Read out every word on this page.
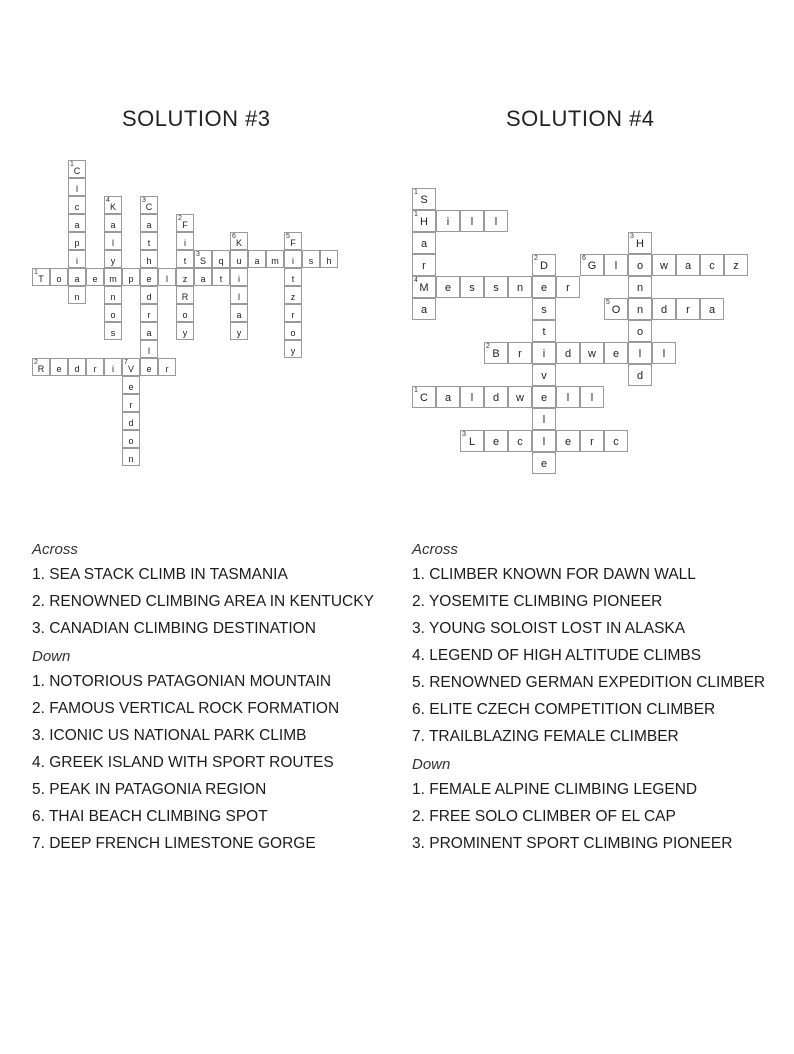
SOLUTION #3	SOLUTION #4
C
1
l
c
a
p
i
a
n
K
4
a
l
y
m
n
o
s
C
3
a
t
h
e
d
r
a
l
F
2
i
t
z
R
o
y
S
3
q	u	a	m	i	s	h
K
6
i
l
a
y
F
5
t
z
r
o
y
T
1
o	e	p	l	a	t
R
2
e	d	r	i	V
7
e	r
e
r
d
o
n
S
1
H
1
i	l	l
a
r
M
4
a
e	s	s	n	e	r
D
2
s
t
i
v
e
l
l
e
H
3
G
6
l	o	w	a	c	z
n
O
5
n	d	r	a
o
B
2
r	d	w	e	l	l
d
C
1
a	l	d	w	l	l
L
3
e	c	e	r	c
Across
1. SEA STACK CLIMB IN TASMANIA
2. RENOWNED CLIMBING AREA IN KENTUCKY
3. CANADIAN CLIMBING DESTINATION
Down
1. NOTORIOUS PATAGONIAN MOUNTAIN
2. FAMOUS VERTICAL ROCK FORMATION
3. ICONIC US NATIONAL PARK CLIMB
4. GREEK ISLAND WITH SPORT ROUTES
5. PEAK IN PATAGONIA REGION
6. THAI BEACH CLIMBING SPOT
7. DEEP FRENCH LIMESTONE GORGE
Across
1. CLIMBER KNOWN FOR DAWN WALL
2. YOSEMITE CLIMBING PIONEER
3. YOUNG SOLOIST LOST IN ALASKA
4. LEGEND OF HIGH ALTITUDE CLIMBS
5. RENOWNED GERMAN EXPEDITION CLIMBER
6. ELITE CZECH COMPETITION CLIMBER
7. TRAILBLAZING FEMALE CLIMBER
Down
1. FEMALE ALPINE CLIMBING LEGEND
2. FREE SOLO CLIMBER OF EL CAP
3. PROMINENT SPORT CLIMBING PIONEER
